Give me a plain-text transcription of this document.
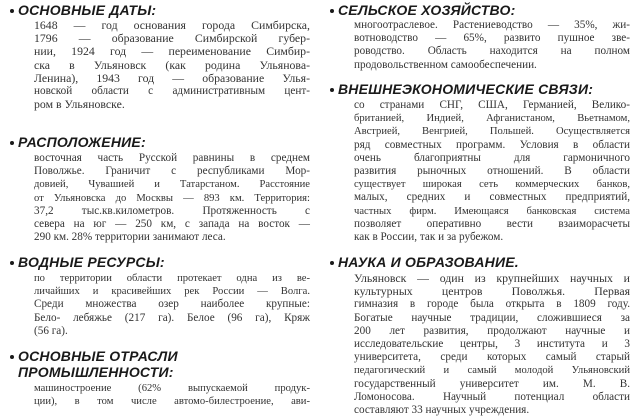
ОСНОВНЫЕ ДАТЫ:
1648 — год основания города Симбирска,
1796 — образование Симбирской губер-
нии, 1924 год — переименование Симбир-
ска в Ульяновск (как родина Ульянова-
Ленина), 1943 год — образование Улья-
новской области с административным цент-
ром в Ульяновске.
РАСПОЛОЖЕНИЕ:
восточная часть Русской равнины в среднем
Поволжье. Граничит с республиками Мор-
довией, Чувашией и Татарстаном. Расстояние
от Ульяновска до Москвы — 893 км. Территория:
37,2 тыс.кв.километров. Протяженность с
севера на юг — 250 км, с запада на восток —
290 км. 28% территории занимают леса.
ВОДНЫЕ РЕСУРСЫ:
по территории области протекает одна из ве-
личайших и красивейших рек России — Волга.
Среди множества озер наиболее крупные:
Бело- лебяжье (217 га). Белое (96 га), Кряж
(56 га).
ОСНОВНЫЕ ОТРАСЛИ
ПРОМЫШЛЕННОСТИ:
машиностроение (62% выпускаемой продук-
ции), в том числе автомо-билестроение, ави-
СЕЛЬСКОЕ ХОЗЯЙСТВО:
многоотраслевое. Растениеводство — 35%, жи-
вотноводство — 65%, развито пушное зве-
роводство. Область находится на полном
продовольственном самообеспечении.
ВНЕШНЕЭКОНОМИЧЕСКИЕ СВЯЗИ:
со странами СНГ, США, Германией, Велико-
британией, Индией, Афганистаном, Вьетнамом,
Австрией, Венгрией, Польшей. Осуществляется
ряд совместных программ. Условия в области
очень благоприятны для гармоничного
развития рыночных отношений. В области
существует широкая сеть коммерческих банков,
малых, средних и совместных предприятий,
частных фирм. Имеющаяся банковская система
позволяет оперативно вести взаиморасчеты
как в России, так и за рубежом.
НАУКА И ОБРАЗОВАНИЕ.
Ульяновск — один из крупнейших научных и
культурных центров Поволжья. Первая
гимназия в городе была открыта в 1809 году.
Богатые научные традиции, сложившиеся за
200 лет развития, продолжают научные и
исследовательские центры, 3 института и 3
университета, среди которых самый старый
педагогический и самый молодой Ульяновский
государственный университет им. М. В.
Ломоносова. Научный потенциал области
составляют 33 научных учреждения.
